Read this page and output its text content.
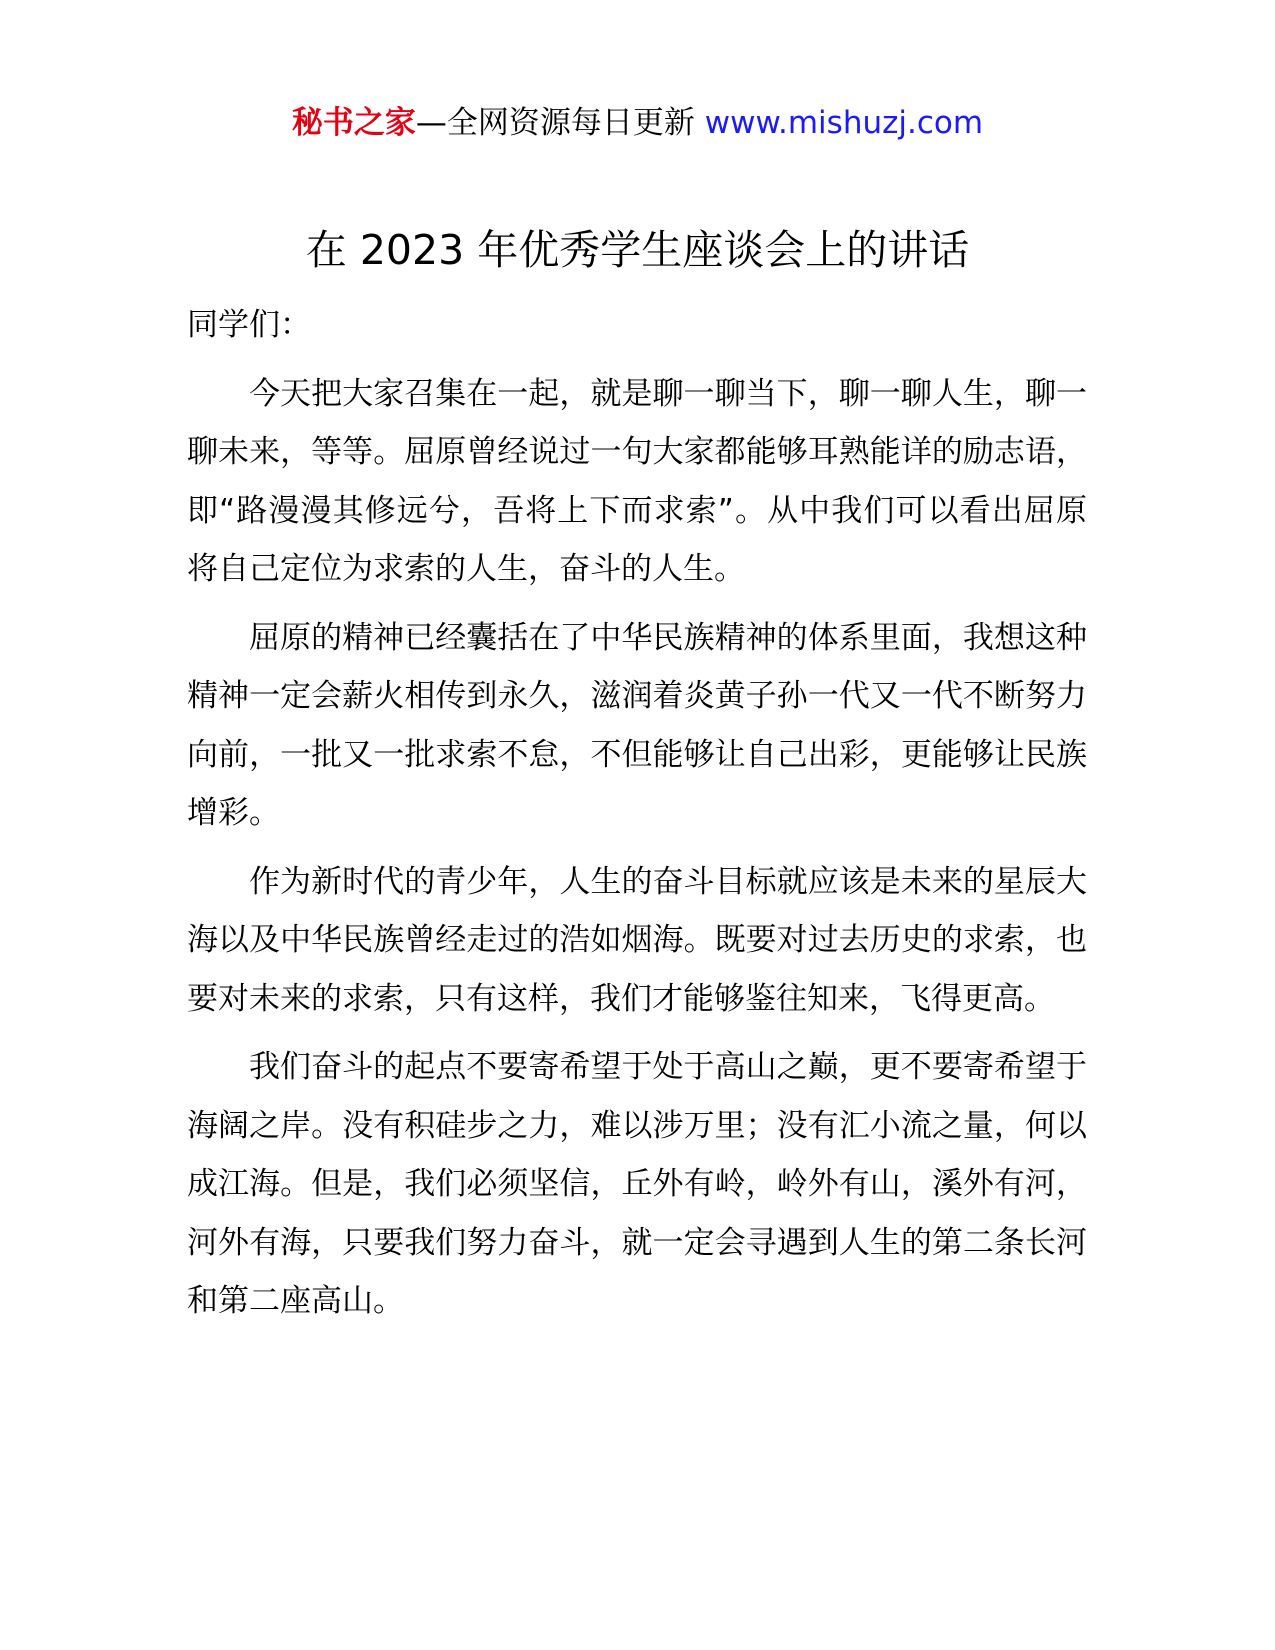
秘书之家—全网资源每日更新 www.mishuzj.com
在 2023 年优秀学生座谈会上的讲话

同学们：

今天把大家召集在一起，就是聊一聊当下，聊一聊人生，聊一聊未来，等等。屈原曾经说过一句大家都能够耳熟能详的励志语，即“路漫漫其修远兮，吾将上下而求索”。从中我们可以看出屈原将自己定位为求索的人生，奋斗的人生。

屈原的精神已经囊括在了中华民族精神的体系里面，我想这种精神一定会薪火相传到永久，滋润着炎黄子孙一代又一代不断努力向前，一批又一批求索不怠，不但能够让自己出彩，更能够让民族增彩。

作为新时代的青少年，人生的奋斗目标就应该是未来的星辰大海以及中华民族曾经走过的浩如烟海。既要对过去历史的求索，也要对未来的求索，只有这样，我们才能够鉴往知来，飞得更高。

我们奋斗的起点不要寄希望于处于高山之巅，更不要寄希望于海阔之岸。没有积硅步之力，难以涉万里；没有汇小流之量，何以成江海。但是，我们必须坚信，丘外有岭，岭外有山，溪外有河，河外有海，只要我们努力奋斗，就一定会寻遇到人生的第二条长河和第二座高山。
